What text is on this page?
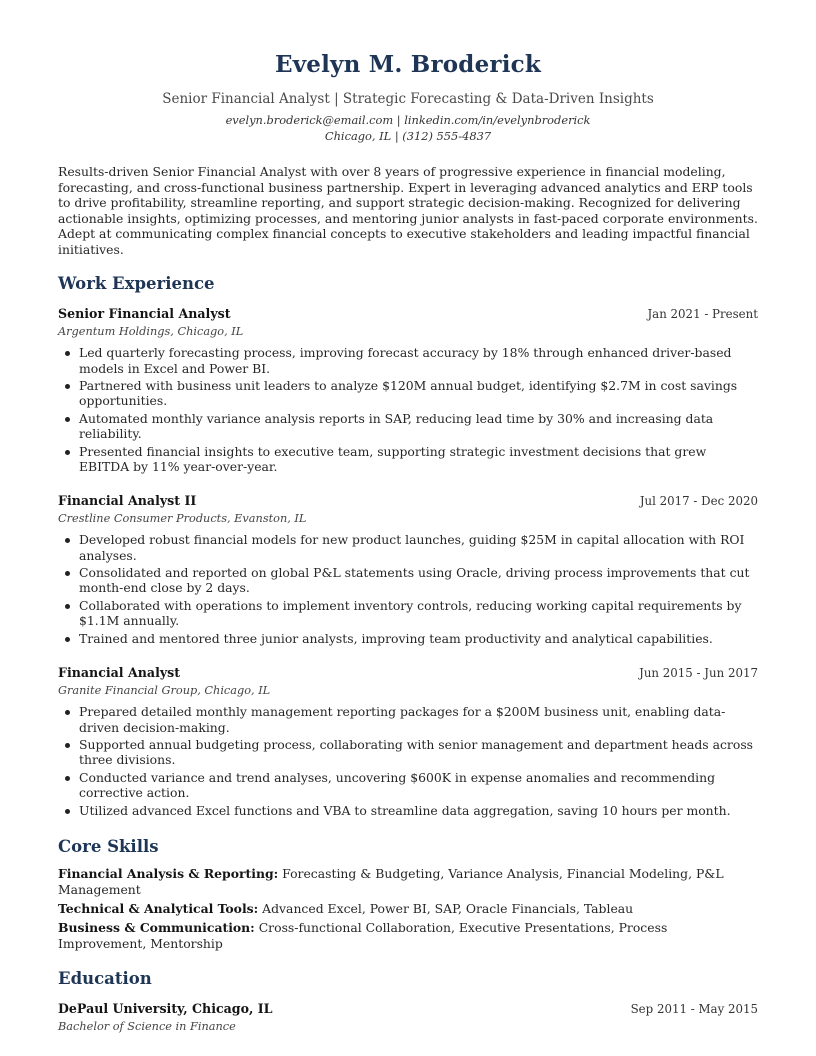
Evelyn M. Broderick
Senior Financial Analyst | Strategic Forecasting & Data-Driven Insights
evelyn.broderick@email.com | linkedin.com/in/evelynbroderick
Chicago, IL | (312) 555-4837

Results-driven Senior Financial Analyst with over 8 years of progressive experience in financial modeling, forecasting, and cross-functional business partnership. Expert in leveraging advanced analytics and ERP tools to drive profitability, streamline reporting, and support strategic decision-making. Recognized for delivering actionable insights, optimizing processes, and mentoring junior analysts in fast-paced corporate environments. Adept at communicating complex financial concepts to executive stakeholders and leading impactful financial initiatives.

Work Experience
Senior Financial Analyst	Jan 2021 - Present
Argentum Holdings, Chicago, IL
Led quarterly forecasting process, improving forecast accuracy by 18% through enhanced driver-based models in Excel and Power BI.
Partnered with business unit leaders to analyze $120M annual budget, identifying $2.7M in cost savings opportunities.
Automated monthly variance analysis reports in SAP, reducing lead time by 30% and increasing data reliability.
Presented financial insights to executive team, supporting strategic investment decisions that grew EBITDA by 11% year-over-year.
Financial Analyst II	Jul 2017 - Dec 2020
Crestline Consumer Products, Evanston, IL
Developed robust financial models for new product launches, guiding $25M in capital allocation with ROI analyses.
Consolidated and reported on global P&L statements using Oracle, driving process improvements that cut month-end close by 2 days.
Collaborated with operations to implement inventory controls, reducing working capital requirements by $1.1M annually.
Trained and mentored three junior analysts, improving team productivity and analytical capabilities.
Financial Analyst	Jun 2015 - Jun 2017
Granite Financial Group, Chicago, IL
Prepared detailed monthly management reporting packages for a $200M business unit, enabling data-driven decision-making.
Supported annual budgeting process, collaborating with senior management and department heads across three divisions.
Conducted variance and trend analyses, uncovering $600K in expense anomalies and recommending corrective action.
Utilized advanced Excel functions and VBA to streamline data aggregation, saving 10 hours per month.
Core Skills
Financial Analysis & Reporting: Forecasting & Budgeting, Variance Analysis, Financial Modeling, P&L Management
Technical & Analytical Tools: Advanced Excel, Power BI, SAP, Oracle Financials, Tableau
Business & Communication: Cross-functional Collaboration, Executive Presentations, Process Improvement, Mentorship
Education
DePaul University, Chicago, IL	Sep 2011 - May 2015
Bachelor of Science in Finance
